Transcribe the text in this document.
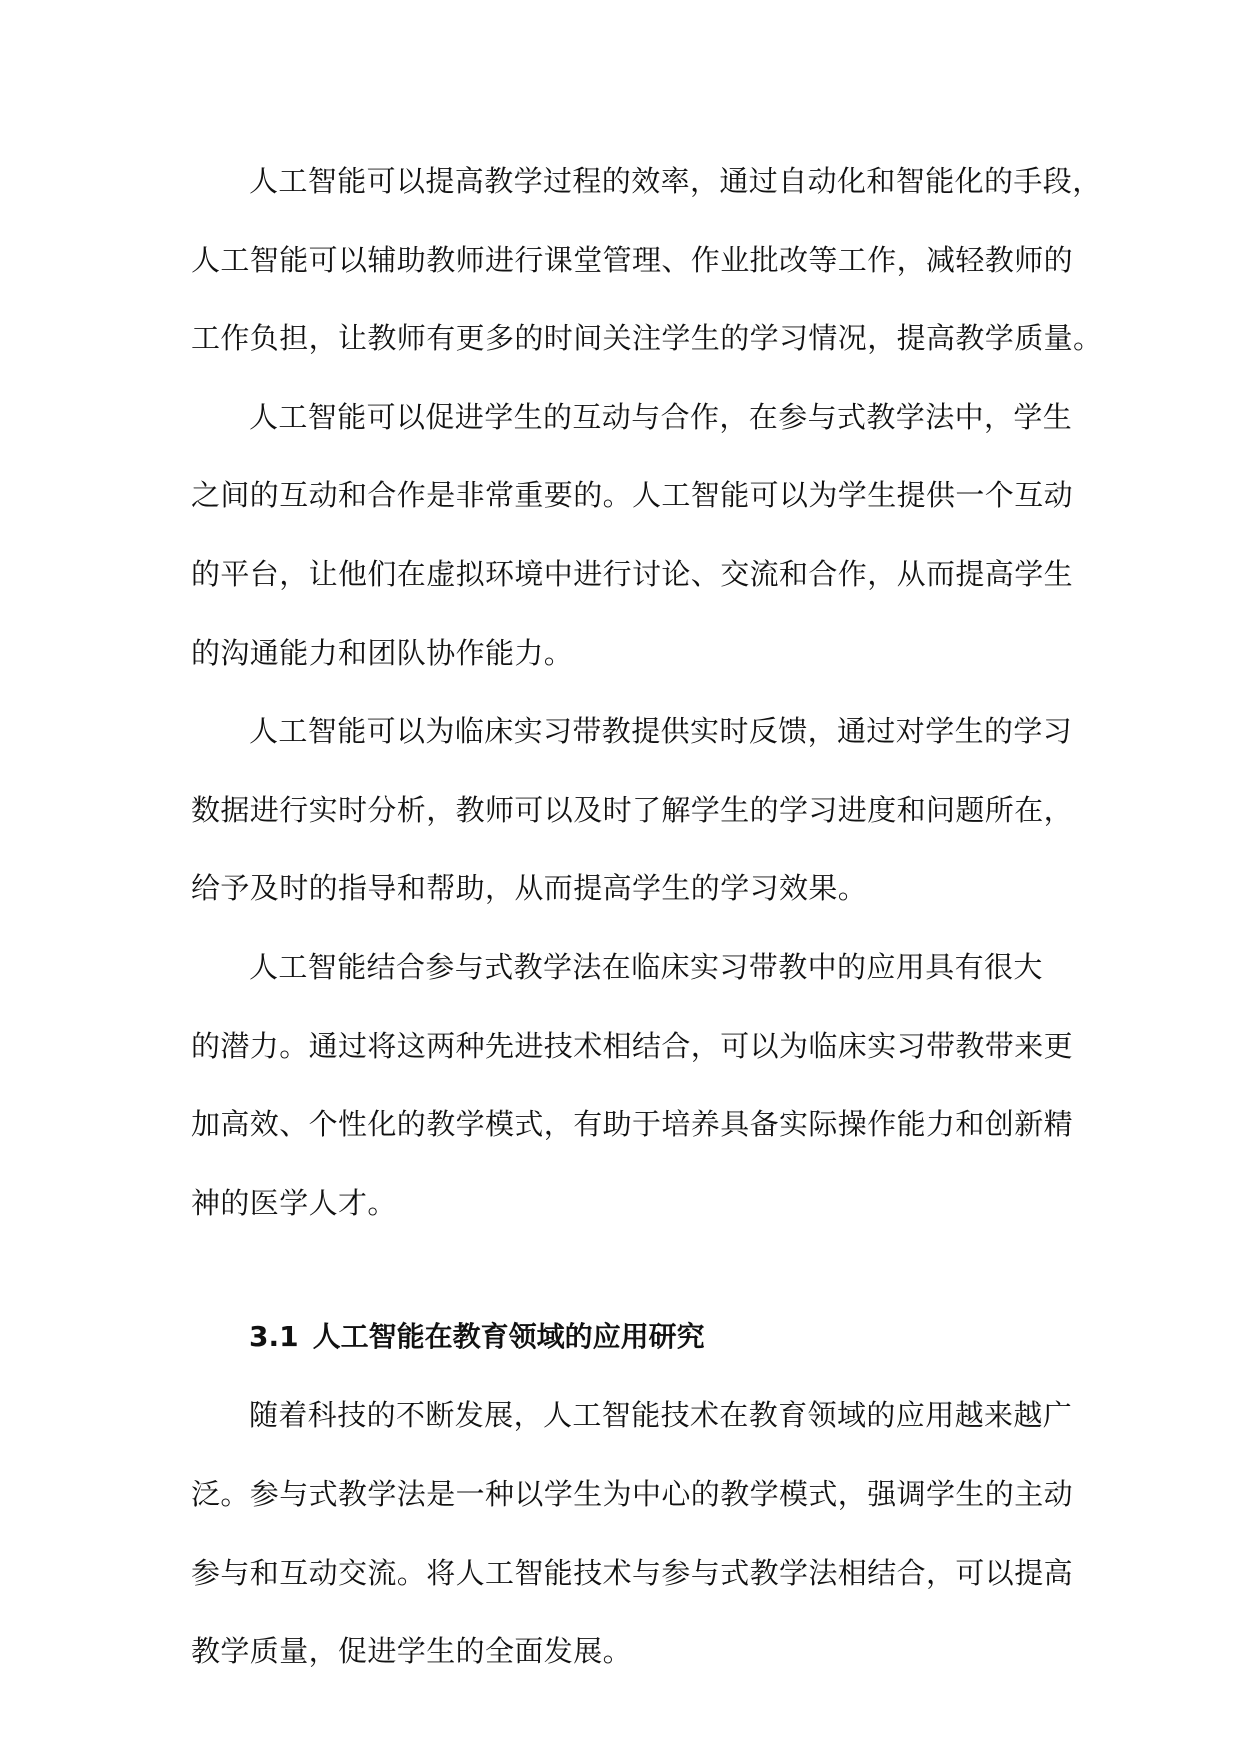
人工智能可以提高教学过程的效率，通过自动化和智能化的手段，
人工智能可以辅助教师进行课堂管理、作业批改等工作，减轻教师的
工作负担，让教师有更多的时间关注学生的学习情况，提高教学质量。
人工智能可以促进学生的互动与合作，在参与式教学法中，学生
之间的互动和合作是非常重要的。人工智能可以为学生提供一个互动
的平台，让他们在虚拟环境中进行讨论、交流和合作，从而提高学生
的沟通能力和团队协作能力。
人工智能可以为临床实习带教提供实时反馈，通过对学生的学习
数据进行实时分析，教师可以及时了解学生的学习进度和问题所在，
给予及时的指导和帮助，从而提高学生的学习效果。
人工智能结合参与式教学法在临床实习带教中的应用具有很大
的潜力。通过将这两种先进技术相结合，可以为临床实习带教带来更
加高效、个性化的教学模式，有助于培养具备实际操作能力和创新精
神的医学人才。
3.1 人工智能在教育领域的应用研究
随着科技的不断发展，人工智能技术在教育领域的应用越来越广
泛。参与式教学法是一种以学生为中心的教学模式，强调学生的主动
参与和互动交流。将人工智能技术与参与式教学法相结合，可以提高
教学质量，促进学生的全面发展。
